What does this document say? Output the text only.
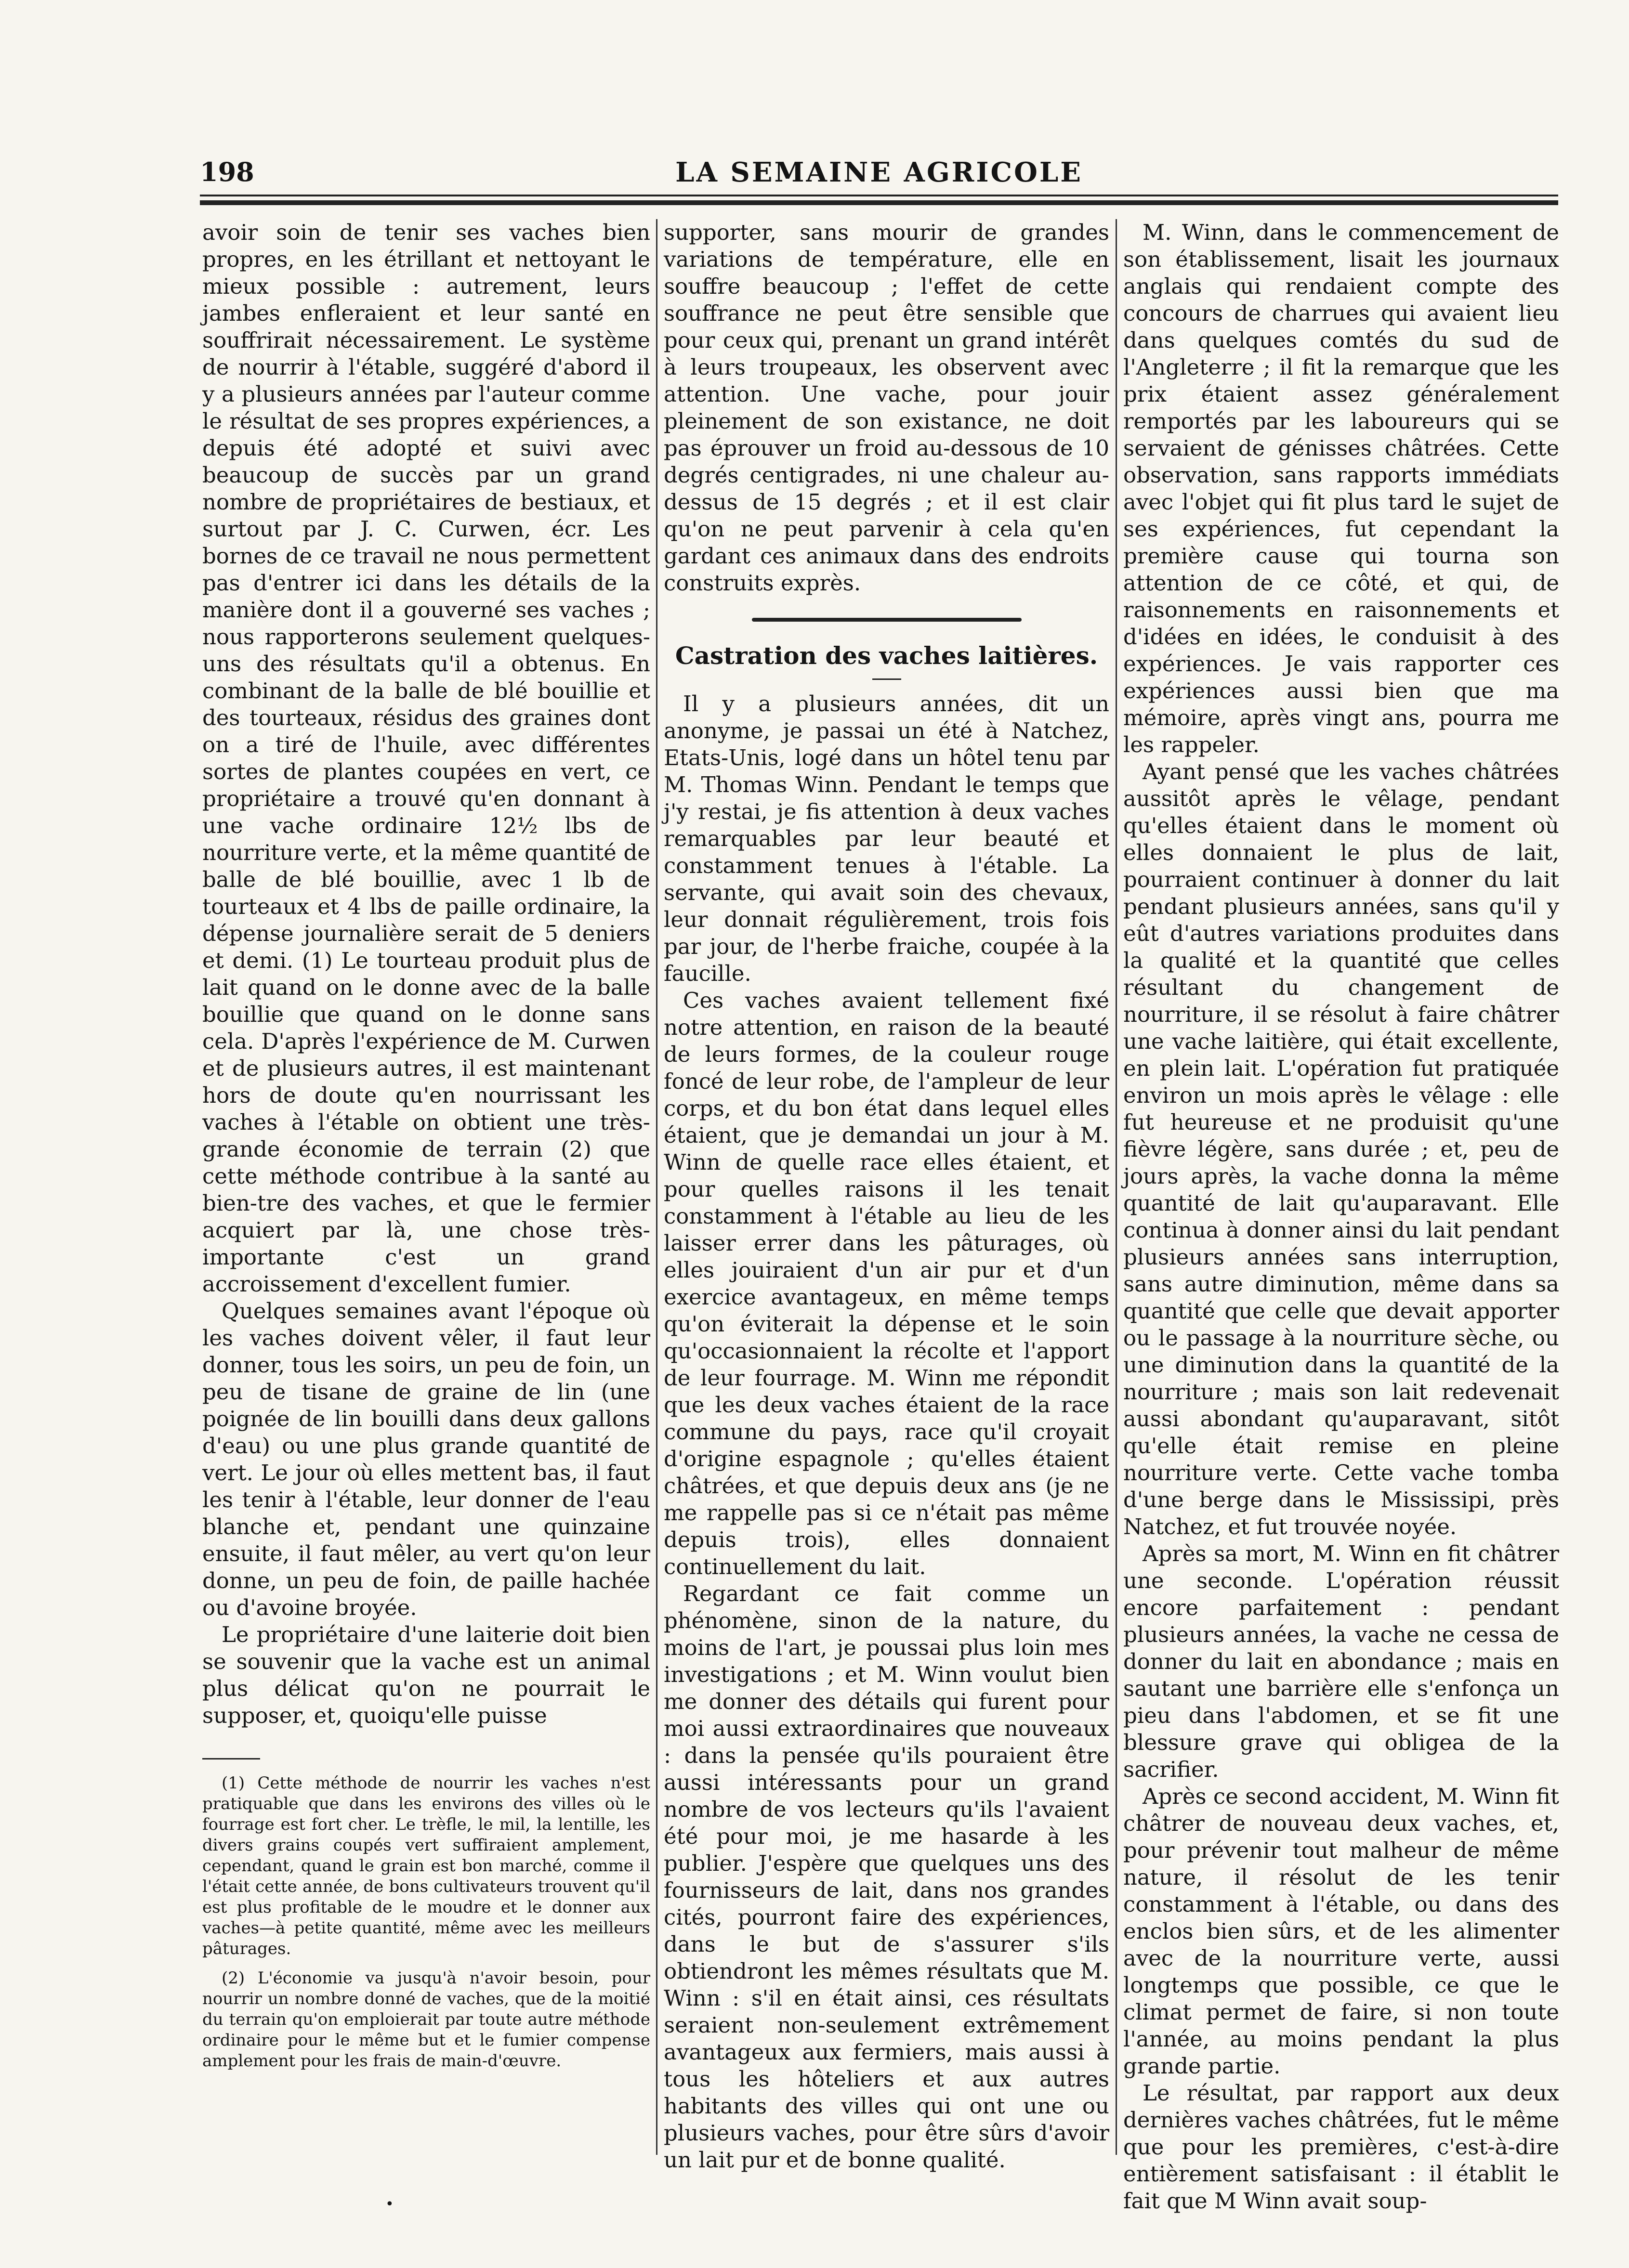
198	LA SEMAINE AGRICOLE

avoir soin de tenir ses vaches bien propres, en les étrillant et nettoyant le mieux possible : autrement, leurs jambes enfleraient et leur santé en souffrirait nécessairement. Le système de nourrir à l'étable, suggéré d'abord il y a plusieurs années par l'auteur comme le résultat de ses propres expériences, a depuis été adopté et suivi avec beaucoup de succès par un grand nombre de propriétaires de bestiaux, et surtout par J. C. Curwen, écr. Les bornes de ce travail ne nous permettent pas d'entrer ici dans les détails de la manière dont il a gouverné ses vaches ; nous rapporterons seulement quelques-uns des résultats qu'il a obtenus. En combinant de la balle de blé bouillie et des tourteaux, résidus des graines dont on a tiré de l'huile, avec différentes sortes de plantes coupées en vert, ce propriétaire a trouvé qu'en donnant à une vache ordinaire 12½ lbs de nourriture verte, et la même quantité de balle de blé bouillie, avec 1 lb de tourteaux et 4 lbs de paille ordinaire, la dépense journalière serait de 5 deniers et demi. (1) Le tourteau produit plus de lait quand on le donne avec de la balle bouillie que quand on le donne sans cela. D'après l'expérience de M. Curwen et de plusieurs autres, il est maintenant hors de doute qu'en nourrissant les vaches à l'étable on obtient une très-grande économie de terrain (2) que cette méthode contribue à la santé au bien-tre des vaches, et que le fermier acquiert par là, une chose très-importante c'est un grand accroissement d'excellent fumier.

Quelques semaines avant l'époque où les vaches doivent vêler, il faut leur donner, tous les soirs, un peu de foin, un peu de tisane de graine de lin (une poignée de lin bouilli dans deux gallons d'eau) ou une plus grande quantité de vert. Le jour où elles mettent bas, il faut les tenir à l'étable, leur donner de l'eau blanche et, pendant une quinzaine ensuite, il faut mêler, au vert qu'on leur donne, un peu de foin, de paille hachée ou d'avoine broyée.

Le propriétaire d'une laiterie doit bien se souvenir que la vache est un animal plus délicat qu'on ne pourrait le supposer, et, quoiqu'elle puisse

(1) Cette méthode de nourrir les vaches n'est pratiquable que dans les environs des villes où le fourrage est fort cher. Le trèfle, le mil, la lentille, les divers grains coupés vert suffiraient amplement, cependant, quand le grain est bon marché, comme il l'était cette année, de bons cultivateurs trouvent qu'il est plus profitable de le moudre et le donner aux vaches—à petite quantité, même avec les meilleurs pâturages.

(2) L'économie va jusqu'à n'avoir besoin, pour nourrir un nombre donné de vaches, que de la moitié du terrain qu'on emploierait par toute autre méthode ordinaire pour le même but et le fumier compense amplement pour les frais de main-d'œuvre.

supporter, sans mourir de grandes variations de température, elle en souffre beaucoup ; l'effet de cette souffrance ne peut être sensible que pour ceux qui, prenant un grand intérêt à leurs troupeaux, les observent avec attention. Une vache, pour jouir pleinement de son existance, ne doit pas éprouver un froid au-dessous de 10 degrés centigrades, ni une chaleur au-dessus de 15 degrés ; et il est clair qu'on ne peut parvenir à cela qu'en gardant ces animaux dans des endroits construits exprès.

Castration des vaches laitières.

Il y a plusieurs années, dit un anonyme, je passai un été à Natchez, Etats-Unis, logé dans un hôtel tenu par M. Thomas Winn. Pendant le temps que j'y restai, je fis attention à deux vaches remarquables par leur beauté et constamment tenues à l'étable. La servante, qui avait soin des chevaux, leur donnait régulièrement, trois fois par jour, de l'herbe fraiche, coupée à la faucille.

Ces vaches avaient tellement fixé notre attention, en raison de la beauté de leurs formes, de la couleur rouge foncé de leur robe, de l'ampleur de leur corps, et du bon état dans lequel elles étaient, que je demandai un jour à M. Winn de quelle race elles étaient, et pour quelles raisons il les tenait constamment à l'étable au lieu de les laisser errer dans les pâturages, où elles jouiraient d'un air pur et d'un exercice avantageux, en même temps qu'on éviterait la dépense et le soin qu'occasionnaient la récolte et l'apport de leur fourrage. M. Winn me répondit que les deux vaches étaient de la race commune du pays, race qu'il croyait d'origine espagnole ; qu'elles étaient châtrées, et que depuis deux ans (je ne me rappelle pas si ce n'était pas même depuis trois), elles donnaient continuellement du lait.

Regardant ce fait comme un phénomène, sinon de la nature, du moins de l'art, je poussai plus loin mes investigations ; et M. Winn voulut bien me donner des détails qui furent pour moi aussi extraordinaires que nouveaux : dans la pensée qu'ils pouraient être aussi intéressants pour un grand nombre de vos lecteurs qu'ils l'avaient été pour moi, je me hasarde à les publier. J'espère que quelques uns des fournisseurs de lait, dans nos grandes cités, pourront faire des expériences, dans le but de s'assurer s'ils obtiendront les mêmes résultats que M. Winn : s'il en était ainsi, ces résultats seraient non-seulement extrêmement avantageux aux fermiers, mais aussi à tous les hôteliers et aux autres habitants des villes qui ont une ou plusieurs vaches, pour être sûrs d'avoir un lait pur et de bonne qualité.

M. Winn, dans le commencement de son établissement, lisait les journaux anglais qui rendaient compte des concours de charrues qui avaient lieu dans quelques comtés du sud de l'Angleterre ; il fit la remarque que les prix étaient assez généralement remportés par les laboureurs qui se servaient de génisses châtrées. Cette observation, sans rapports immédiats avec l'objet qui fit plus tard le sujet de ses expériences, fut cependant la première cause qui tourna son attention de ce côté, et qui, de raisonnements en raisonnements et d'idées en idées, le conduisit à des expériences. Je vais rapporter ces expériences aussi bien que ma mémoire, après vingt ans, pourra me les rappeler.

Ayant pensé que les vaches châtrées aussitôt après le vêlage, pendant qu'elles étaient dans le moment où elles donnaient le plus de lait, pourraient continuer à donner du lait pendant plusieurs années, sans qu'il y eût d'autres variations produites dans la qualité et la quantité que celles résultant du changement de nourriture, il se résolut à faire châtrer une vache laitière, qui était excellente, en plein lait. L'opération fut pratiquée environ un mois après le vêlage : elle fut heureuse et ne produisit qu'une fièvre légère, sans durée ; et, peu de jours après, la vache donna la même quantité de lait qu'auparavant. Elle continua à donner ainsi du lait pendant plusieurs années sans interruption, sans autre diminution, même dans sa quantité que celle que devait apporter ou le passage à la nourriture sèche, ou une diminution dans la quantité de la nourriture ; mais son lait redevenait aussi abondant qu'auparavant, sitôt qu'elle était remise en pleine nourriture verte. Cette vache tomba d'une berge dans le Mississipi, près Natchez, et fut trouvée noyée.

Après sa mort, M. Winn en fit châtrer une seconde. L'opération réussit encore parfaitement : pendant plusieurs années, la vache ne cessa de donner du lait en abondance ; mais en sautant une barrière elle s'enfonça un pieu dans l'abdomen, et se fit une blessure grave qui obligea de la sacrifier.

Après ce second accident, M. Winn fit châtrer de nouveau deux vaches, et, pour prévenir tout malheur de même nature, il résolut de les tenir constamment à l'étable, ou dans des enclos bien sûrs, et de les alimenter avec de la nourriture verte, aussi longtemps que possible, ce que le climat permet de faire, si non toute l'année, au moins pendant la plus grande partie.

Le résultat, par rapport aux deux dernières vaches châtrées, fut le même que pour les premières, c'est-à-dire entièrement satisfaisant : il établit le fait que M Winn avait soup-

•
